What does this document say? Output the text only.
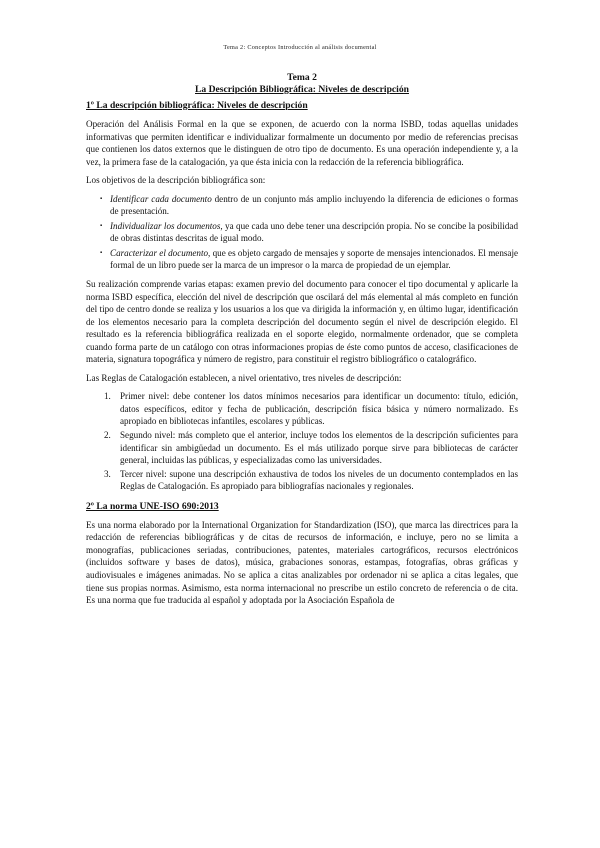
Tema 2: Conceptos Introducción al análisis documental
Tema 2
La Descripción Bibliográfica: Niveles de descripción
1º La descripción bibliográfica: Niveles de descripción

Operación del Análisis Formal en la que se exponen, de acuerdo con la norma ISBD, todas aquellas unidades informativas que permiten identificar e individualizar formalmente un documento por medio de referencias precisas que contienen los datos externos que le distinguen de otro tipo de documento. Es una operación independiente y, a la vez, la primera fase de la catalogación, ya que ésta inicia con la redacción de la referencia bibliográfica.

Los objetivos de la descripción bibliográfica son:

▪ Identificar cada documento dentro de un conjunto más amplio incluyendo la diferencia de ediciones o formas de presentación.
▪ Individualizar los documentos, ya que cada uno debe tener una descripción propia. No se concibe la posibilidad de obras distintas descritas de igual modo.
▪ Caracterizar el documento, que es objeto cargado de mensajes y soporte de mensajes intencionados. El mensaje formal de un libro puede ser la marca de un impresor o la marca de propiedad de un ejemplar.

Su realización comprende varias etapas: examen previo del documento para conocer el tipo documental y aplicarle la norma ISBD específica, elección del nivel de descripción que oscilará del más elemental al más completo en función del tipo de centro donde se realiza y los usuarios a los que va dirigida la información y, en último lugar, identificación de los elementos necesario para la completa descripción del documento según el nivel de descripción elegido. El resultado es la referencia bibliográfica realizada en el soporte elegido, normalmente ordenador, que se completa cuando forma parte de un catálogo con otras informaciones propias de éste como puntos de acceso, clasificaciones de materia, signatura topográfica y número de registro, para constituir el registro bibliográfico o catalográfico.

Las Reglas de Catalogación establecen, a nivel orientativo, tres niveles de descripción:

1. Primer nivel: debe contener los datos mínimos necesarios para identificar un documento: título, edición, datos específicos, editor y fecha de publicación, descripción física básica y número normalizado. Es apropiado en bibliotecas infantiles, escolares y públicas.
2. Segundo nivel: más completo que el anterior, incluye todos los elementos de la descripción suficientes para identificar sin ambigüedad un documento. Es el más utilizado porque sirve para bibliotecas de carácter general, incluidas las públicas, y especializadas como las universidades.
3. Tercer nivel: supone una descripción exhaustiva de todos los niveles de un documento contemplados en las Reglas de Catalogación. Es apropiado para bibliografías nacionales y regionales.
2º La norma UNE-ISO 690:2013

Es una norma elaborado por la International Organization for Standardization (ISO), que marca las directrices para la redacción de referencias bibliográficas y de citas de recursos de información, e incluye, pero no se limita a monografías, publicaciones seriadas, contribuciones, patentes, materiales cartográficos, recursos electrónicos (incluidos software y bases de datos), música, grabaciones sonoras, estampas, fotografías, obras gráficas y audiovisuales e imágenes animadas. No se aplica a citas analizables por ordenador ni se aplica a citas legales, que tiene sus propias normas. Asimismo, esta norma internacional no prescribe un estilo concreto de referencia o de cita. Es una norma que fue traducida al español y adoptada por la Asociación Española de
